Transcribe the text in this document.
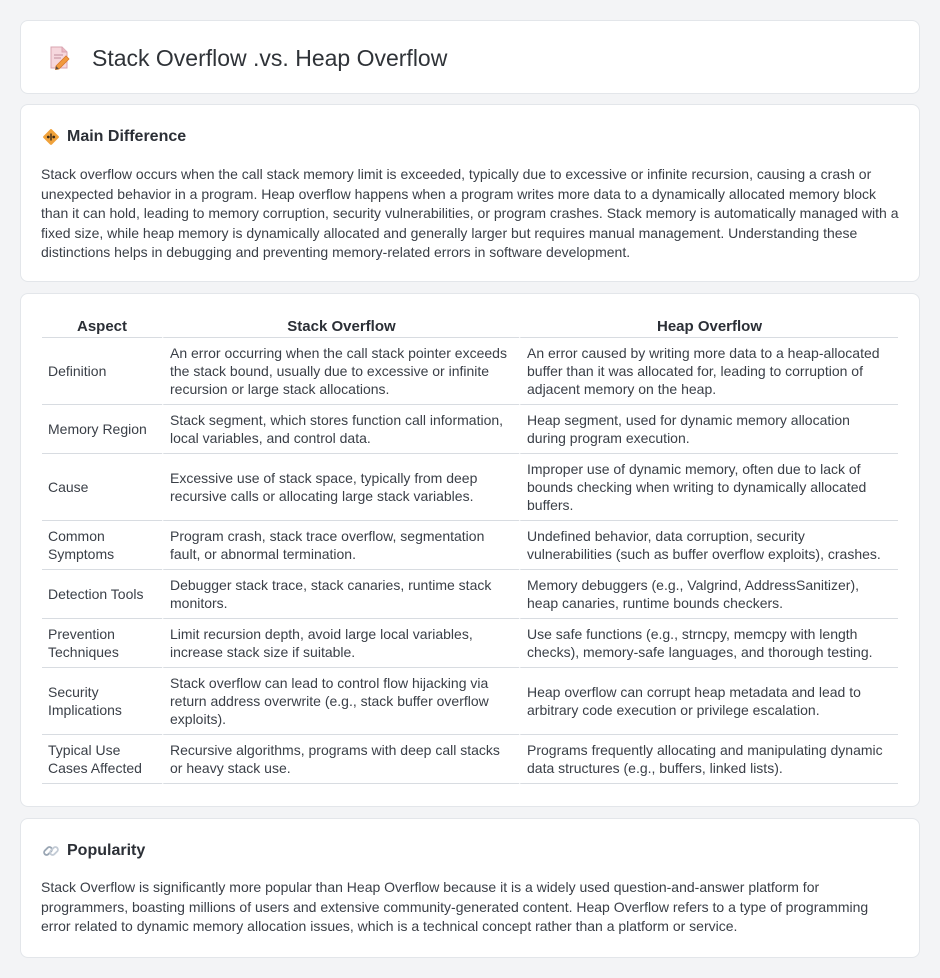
Stack Overflow .vs. Heap Overflow
Main Difference

Stack overflow occurs when the call stack memory limit is exceeded, typically due to excessive or infinite recursion, causing a crash or unexpected behavior in a program. Heap overflow happens when a program writes more data to a dynamically allocated memory block than it can hold, leading to memory corruption, security vulnerabilities, or program crashes. Stack memory is automatically managed with a fixed size, while heap memory is dynamically allocated and generally larger but requires manual management. Understanding these distinctions helps in debugging and preventing memory-related errors in software development.

Aspect	Stack Overflow	Heap Overflow
Definition	An error occurring when the call stack pointer exceeds the stack bound, usually due to excessive or infinite recursion or large stack allocations.	An error caused by writing more data to a heap-allocated buffer than it was allocated for, leading to corruption of adjacent memory on the heap.
Memory Region	Stack segment, which stores function call information, local variables, and control data.	Heap segment, used for dynamic memory allocation during program execution.
Cause	Excessive use of stack space, typically from deep recursive calls or allocating large stack variables.	Improper use of dynamic memory, often due to lack of bounds checking when writing to dynamically allocated buffers.
Common Symptoms	Program crash, stack trace overflow, segmentation fault, or abnormal termination.	Undefined behavior, data corruption, security vulnerabilities (such as buffer overflow exploits), crashes.
Detection Tools	Debugger stack trace, stack canaries, runtime stack monitors.	Memory debuggers (e.g., Valgrind, AddressSanitizer), heap canaries, runtime bounds checkers.
Prevention Techniques	Limit recursion depth, avoid large local variables, increase stack size if suitable.	Use safe functions (e.g., strncpy, memcpy with length checks), memory-safe languages, and thorough testing.
Security Implications	Stack overflow can lead to control flow hijacking via return address overwrite (e.g., stack buffer overflow exploits).	Heap overflow can corrupt heap metadata and lead to arbitrary code execution or privilege escalation.
Typical Use Cases Affected	Recursive algorithms, programs with deep call stacks or heavy stack use.	Programs frequently allocating and manipulating dynamic data structures (e.g., buffers, linked lists).
Popularity

Stack Overflow is significantly more popular than Heap Overflow because it is a widely used question-and-answer platform for programmers, boasting millions of users and extensive community-generated content. Heap Overflow refers to a type of programming error related to dynamic memory allocation issues, which is a technical concept rather than a platform or service.
